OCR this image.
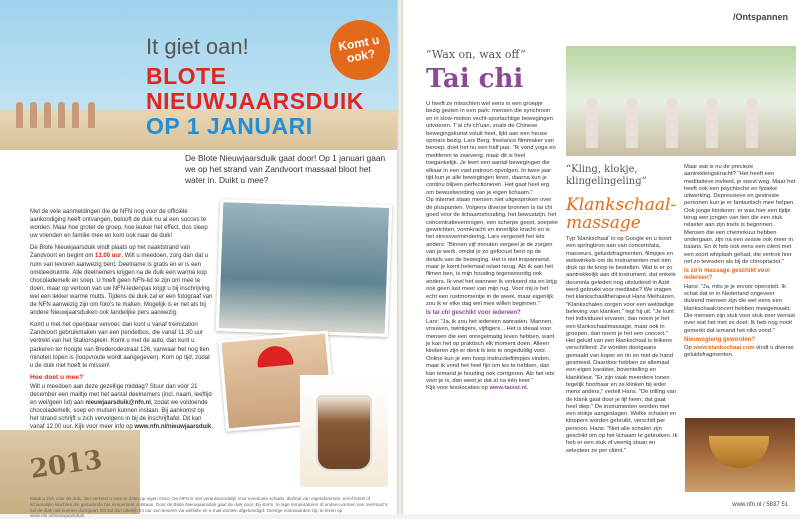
It giet oan!	Komt u ook?
BLOTE
NIEUWJAARSDUIK
OP 1 JANUARI
De Blote Nieuwjaarsduik gaat door! Op 1 januari gaan we op het strand van Zandvoort massaal bloot het water in. Duikt u mee?

Met de vele aanmeldingen die de NFN nog voor de officiële aankondiging heeft ontvangen, belooft de duik nu al een succes te worden. Maar hoe groter de groep, hoe leuker het effect, dus sleep uw vrienden en familie mee en kom ook naar de duik!

De Blote Nieuwjaarsduik vindt plaats op het naaktstrand van Zandvoort en begint om 13.00 uur. Wilt u meedoen, zorg dan dat u ruim van tevoren aanwezig bent. Deelname is gratis en er is een omkleedruimte. Alle deelnemers krijgen na de duik een warme kop chocolademelk en soep. U hoeft geen NFN-lid te zijn om mee te doen, maar op vertoon van uw NFN-ledenpas krijgt u bij inschrijving wel een lekker warme mutts. Tijdens de duik zal er een fotograaf van de NFN aanwezig zijn om foto's te maken. Mogelijk is er net als bij andere Nieuwjaarsduiken ook landelijke pers aanwezig.

Komt u met het openbaar vervoer, dan kunt u vanaf treinstation Zandvoort gebruikmaken van een pendelbus, die vanaf 11.30 uur vertrekt van het Stationsplein. Komt u met de auto, dan kunt u parkeren ter hoogte van Brederodestraat 126, vanwaar het nog tien minuten lopen is (loopvroute wordt aangegeven). Kom op tijd, zodat u de duik niet hoeft te missen!

Hoe doet u mee?

Wilt u meedoen aan deze gezellige middag? Stuur dan vóór 21 december een mailtje met het aantal deelnemers (incl. naam, leeftijd en wel/geen lid) aan nieuwjaarsduik@nfn.nl, zodat we voldoende chocolademelk, soep en mutsen kunnen inslaan. Bij aankomst op het strand schrijft u zich vervolgens in bij de inschrijftafel. Dit kan vanaf 12.00 uur. Kijk voor meer info op www.nfn.nl/nieuwjaarsduik.

2013
Maak u zich voor de duik, dan verkiest u mee te doen op eigen risico. De NFN is niet verantwoordelijk voor eventuele schade, diefstal van eigendommen, en/of letsel of lichamelijke klachten die gedurende het evenement ontstaan. Door de Blote Nieuwjaarsduik gaat de duik door. Bij storm, te lage temperaturen of andere vormen van overmacht, zal de duik niet kunnen doorgaan. Dit zal dan uiterlijk 24 uur van tevoren via website en e-mail worden afgekondigd. Overige voorwaarden zijn te lezen op www.nfn.nl/nieuwjaarsduik.
/Ontspannen
“Wax on, wax off”
Tai chi

U heeft ze misschien wel eens in een groepje bezig gezien in een park: mensen die synchroon en in slow-motion vecht-sportachtige bewegingen uitvoeren. T'ai chi ch'uan, zoals de Chinese bewegingskunst voluit heet, lijkt aan een heuse opmars bezig. Lars Berg, freelance filmmaker van beroep, doet het nu een half jaar. "Ik vond yoga en mediteren te zweverig, maar dit is heel toegankelijk. Je leert een aantal bewegingen die elkaar in een vast patroon opvolgen. In twee jaar tijd kun je alle bewegingen leren, daarna kun je continu blijven perfectioneren. Het gaat heel erg om bewustwording van je eigen lichaam."

Op internet staan mensen niet uitgesproken over de pluspunten. Volgens diverse bronnen is tai chi goed voor de lichaamshouding, het bewustzijn, het concentratievermogen, een scherpe geest, soepele gewrichten, vormkracht en innerlijke kracht en is het stressvermindering. Lars vergezelt het iets anders: "Binnen vijf minuten vergeet je de zorgen van je werk, omdat je zo gefocust bent op de details van de beweging. Het is niet inspannend, maar je komt helemaal relaxt terug. Als ik aan het filmen ben, is mijn houding tegenwoordig ook anders. Ik voel het wanneer ik verkeerd sta en krijg ook geen last meer van mijn rug. Voor mij is het echt een rustmomentje in de week, maar eigenlijk zou ik er elke dag wel mee willen beginnen."

Is tai chi geschikt voor iedereen?

Lars: "Ja, ik zou het iedereen aanraden. Mannen, vrouwen, twintigers, vijftigers... Het is ideaal voor mensen die een onregelmatig leven hebben, want je kan het op praktisch elk moment doen. Alleen kinderen zijn er denk ik iets te ongeduldig voor. Online kun je een hoop instructiefilmpjes vinden, maar ik vond het heel fijn om les te hebben, dan kan iemand je houding ook corrigeren. Als het iets voor je is, dan weet je dat al na één keer."

Kijk voor lesslocaties op www.taoist.nl.

“Kling, klokje, klingelingeling”
Klankschaal-massage

Typ 'klankschaal' in op Google en u boort een springbron aan van concertdata, masseurs, geluidsfragmenten, filmpjes en webwinkels om de instrumenten met één druk op de knop te bestellen. Wat is er zo aantrekkelijk aan dit instrument, dat enkele decennia geleden nog uitsluitend in Azië werd gebruikt voor meditatie? We vragen het klankschaaltherapeut Hans Meihuizen. "Klankschalen zorgen voor een weldadige beleving van klanken," legt hij uit. "Je kunt het individueel ervaren, dan noem je het een klankschaalmassage, maar ook in groepen, dan noem je het een concert."

Het geluid van een klankschaal is telkens verschillend. Ze worden doorgaans gemaakt van koper en tin en met de hand gesmeed. Daardoor hebben ze allemaal een eigen karakter, boventelling en klankkleur. "Er zijn vaak meerdere tonen tegelijk hoorbaar en ze klinken bij ieder mens anders," vertelt Hans. "De trilling van de klank gaat door je lijf heen; dat gaat heel diep." De instrumenten worden met een stokje aangeslagen. Welke schalen en kloppers worden gebruikt, verschilt per persoon. Hans: "Niet alle schalen zijn geschikt om op het lichaam te gebruiken. Ik heb er een stuk of veertig staan en selecteer ze per cliënt."

Maar wat is nu de precieze aantrekkingskracht? "Het heeft een meditatieve invloed, je soest weg. Maar het heeft ook een psychische en fysieke uitwerking. Depressieve en gestreste personen kun je er fantastisch mee helpen. Ook jonge kinderen: er was hier een tijdje terug een jongen van tien die een stuk relaxter aan zijn toets is begonnen. Mensen die een chemokuur hebben ondergaan, zijn na een sessie ook meer in balans. En ik heb ook eens een cliënt met een soort whiplash gehad, die vertrok hier net zo tevreden als bij de chiropractor."

Is zo'n massage geschikt voor iedereen?

Hans: "Ja, mits je je ervoor openstelt. Ik schat dat er in Nederland ongeveer duizend mensen zijn die wel eens een klankschaalconcert hebben meegemaakt. Die mensen zijn stuk voor stuk zeer verrast over wat het met ze doet. Ik heb nog nooit gemerkt dat iemand het niks vond."

Nieuwsgierig geworden?

Op www.klankschaal.com vindt u diverse geluidsfragmenten.

www.nfn.nl / 5837 51
